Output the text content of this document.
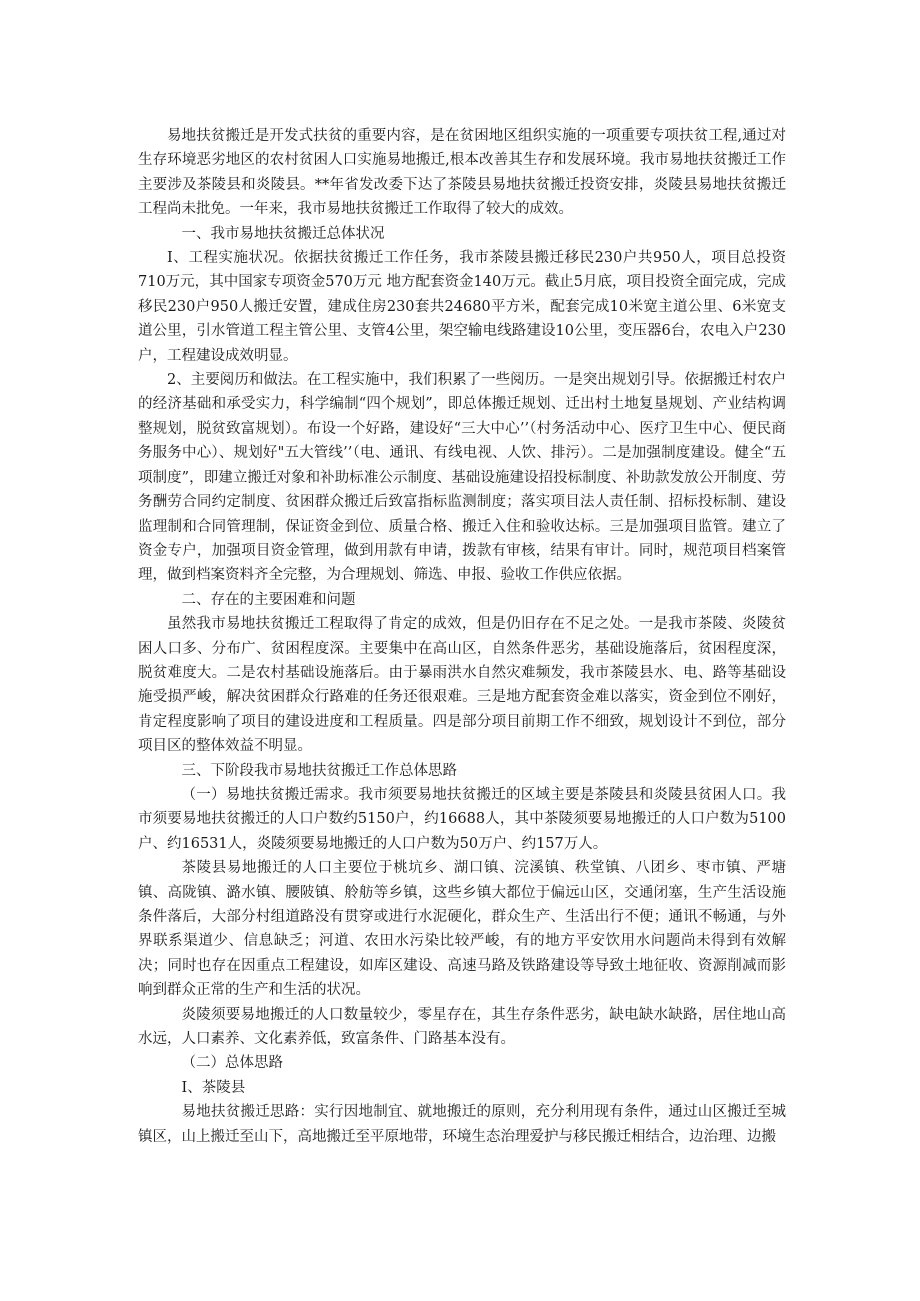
易地扶贫搬迁是开发式扶贫的重要内容，是在贫困地区组织实施的一项重要专项扶贫工程,通过对生存环境恶劣地区的农村贫困人口实施易地搬迁,根本改善其生存和发展环境。我市易地扶贫搬迁工作主要涉及茶陵县和炎陵县。**年省发改委下达了茶陵县易地扶贫搬迁投资安排，炎陵县易地扶贫搬迁工程尚未批免。一年来，我市易地扶贫搬迁工作取得了较大的成效。

一、我市易地扶贫搬迁总体状况

I、工程实施状况。依据扶贫搬迁工作任务，我市茶陵县搬迁移民230户共950人，项目总投资710万元，其中国家专项资金570万元 地方配套资金140万元。截止5月底，项目投资全面完成，完成移民230户950人搬迁安置，建成住房230套共24680平方米，配套完成10米宽主道公里、6米宽支道公里，引水管道工程主管公里、支管4公里，架空输电线路建设10公里，变压器6台，农电入户230户，工程建设成效明显。

2、主要阅历和做法。在工程实施中，我们积累了一些阅历。一是突出规划引导。依据搬迁村农户的经济基础和承受实力，科学编制“四个规划”，即总体搬迁规划、迁出村土地复垦规划、产业结构调整规划，脱贫致富规划）。布设一个好路，建设好“三大中心’’（村务活动中心、医疗卫生中心、便民商务服务中心）、规划好"五大管线’’（电、通讯、有线电视、人饮、排污）。二是加强制度建设。健全“五项制度”，即建立搬迁对象和补助标准公示制度、基础设施建设招投标制度、补助款发放公开制度、劳务酬劳合同约定制度、贫困群众搬迁后致富指标监测制度；落实项目法人责任制、招标投标制、建设监理制和合同管理制，保证资金到位、质量合格、搬迁入住和验收达标。三是加强项目监管。建立了资金专户，加强项目资金管理，做到用款有申请，拨款有审核，结果有审计。同时，规范项目档案管理，做到档案资料齐全完整，为合理规划、筛选、申报、验收工作供应依据。

二、存在的主要困难和问题

虽然我市易地扶贫搬迁工程取得了肯定的成效，但是仍旧存在不足之处。一是我市茶陵、炎陵贫困人口多、分布广、贫困程度深。主要集中在高山区，自然条件恶劣，基础设施落后，贫困程度深，脱贫难度大。二是农村基础设施落后。由于暴雨洪水自然灾难频发，我市茶陵县水、电、路等基础设施受损严峻，解决贫困群众行路难的任务还很艰难。三是地方配套资金难以落实，资金到位不刚好，肯定程度影响了项目的建设进度和工程质量。四是部分项目前期工作不细致，规划设计不到位，部分项目区的整体效益不明显。

三、下阶段我市易地扶贫搬迁工作总体思路

（一）易地扶贫搬迁需求。我市须要易地扶贫搬迁的区域主要是茶陵县和炎陵县贫困人口。我市须要易地扶贫搬迁的人口户数约5150户，约16688人，其中茶陵须要易地搬迁的人口户数为5100户、约16531人，炎陵须要易地搬迁的人口户数为50万户、约157万人。

茶陵县易地搬迁的人口主要位于桃坑乡、湖口镇、浣溪镇、秩堂镇、八团乡、枣市镇、严塘镇、高陇镇、潞水镇、腰陂镇、舲舫等乡镇，这些乡镇大都位于偏远山区，交通闭塞，生产生活设施条件落后，大部分村组道路没有贯穿或进行水泥硬化，群众生产、生活出行不便；通讯不畅通，与外界联系渠道少、信息缺乏；河道、农田水污染比较严峻，有的地方平安饮用水问题尚未得到有效解决；同时也存在因重点工程建设，如库区建设、高速马路及铁路建设等导致土地征收、资源削减而影响到群众正常的生产和生活的状况。

炎陵须要易地搬迁的人口数量较少，零星存在，其生存条件恶劣，缺电缺水缺路，居住地山高水远，人口素养、文化素养低，致富条件、门路基本没有。

（二）总体思路

I、茶陵县

易地扶贫搬迁思路：实行因地制宜、就地搬迁的原则，充分利用现有条件，通过山区搬迁至城镇区，山上搬迁至山下，高地搬迁至平原地带，环境生态治理爱护与移民搬迁相结合，边治理、边搬
